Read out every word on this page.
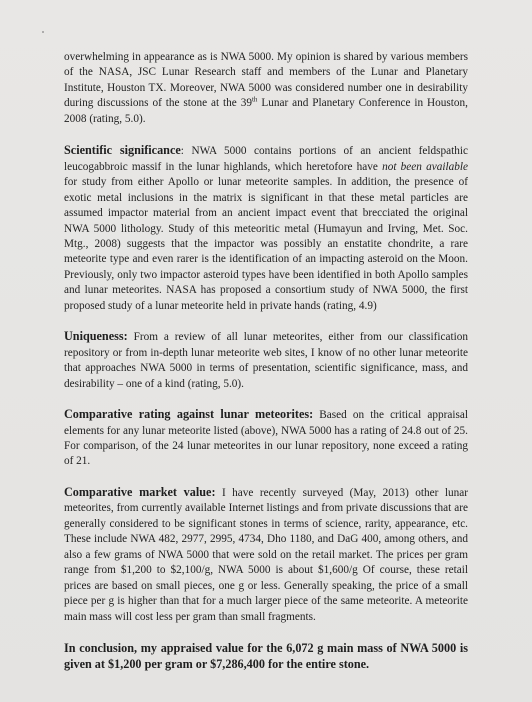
overwhelming in appearance as is NWA 5000. My opinion is shared by various members of the NASA, JSC Lunar Research staff and members of the Lunar and Planetary Institute, Houston TX. Moreover, NWA 5000 was considered number one in desirability during discussions of the stone at the 39th Lunar and Planetary Conference in Houston, 2008 (rating, 5.0).

Scientific significance: NWA 5000 contains portions of an ancient feldspathic leucogabbroic massif in the lunar highlands, which heretofore have not been available for study from either Apollo or lunar meteorite samples. In addition, the presence of exotic metal inclusions in the matrix is significant in that these metal particles are assumed impactor material from an ancient impact event that brecciated the original NWA 5000 lithology. Study of this meteoritic metal (Humayun and Irving, Met. Soc. Mtg., 2008) suggests that the impactor was possibly an enstatite chondrite, a rare meteorite type and even rarer is the identification of an impacting asteroid on the Moon. Previously, only two impactor asteroid types have been identified in both Apollo samples and lunar meteorites. NASA has proposed a consortium study of NWA 5000, the first proposed study of a lunar meteorite held in private hands (rating, 4.9)

Uniqueness: From a review of all lunar meteorites, either from our classification repository or from in-depth lunar meteorite web sites, I know of no other lunar meteorite that approaches NWA 5000 in terms of presentation, scientific significance, mass, and desirability – one of a kind (rating, 5.0).

Comparative rating against lunar meteorites: Based on the critical appraisal elements for any lunar meteorite listed (above), NWA 5000 has a rating of 24.8 out of 25. For comparison, of the 24 lunar meteorites in our lunar repository, none exceed a rating of 21.

Comparative market value: I have recently surveyed (May, 2013) other lunar meteorites, from currently available Internet listings and from private discussions that are generally considered to be significant stones in terms of science, rarity, appearance, etc. These include NWA 482, 2977, 2995, 4734, Dho 1180, and DaG 400, among others, and also a few grams of NWA 5000 that were sold on the retail market. The prices per gram range from $1,200 to $2,100/g, NWA 5000 is about $1,600/g Of course, these retail prices are based on small pieces, one g or less. Generally speaking, the price of a small piece per g is higher than that for a much larger piece of the same meteorite. A meteorite main mass will cost less per gram than small fragments.

In conclusion, my appraised value for the 6,072 g main mass of NWA 5000 is given at $1,200 per gram or $7,286,400 for the entire stone.
